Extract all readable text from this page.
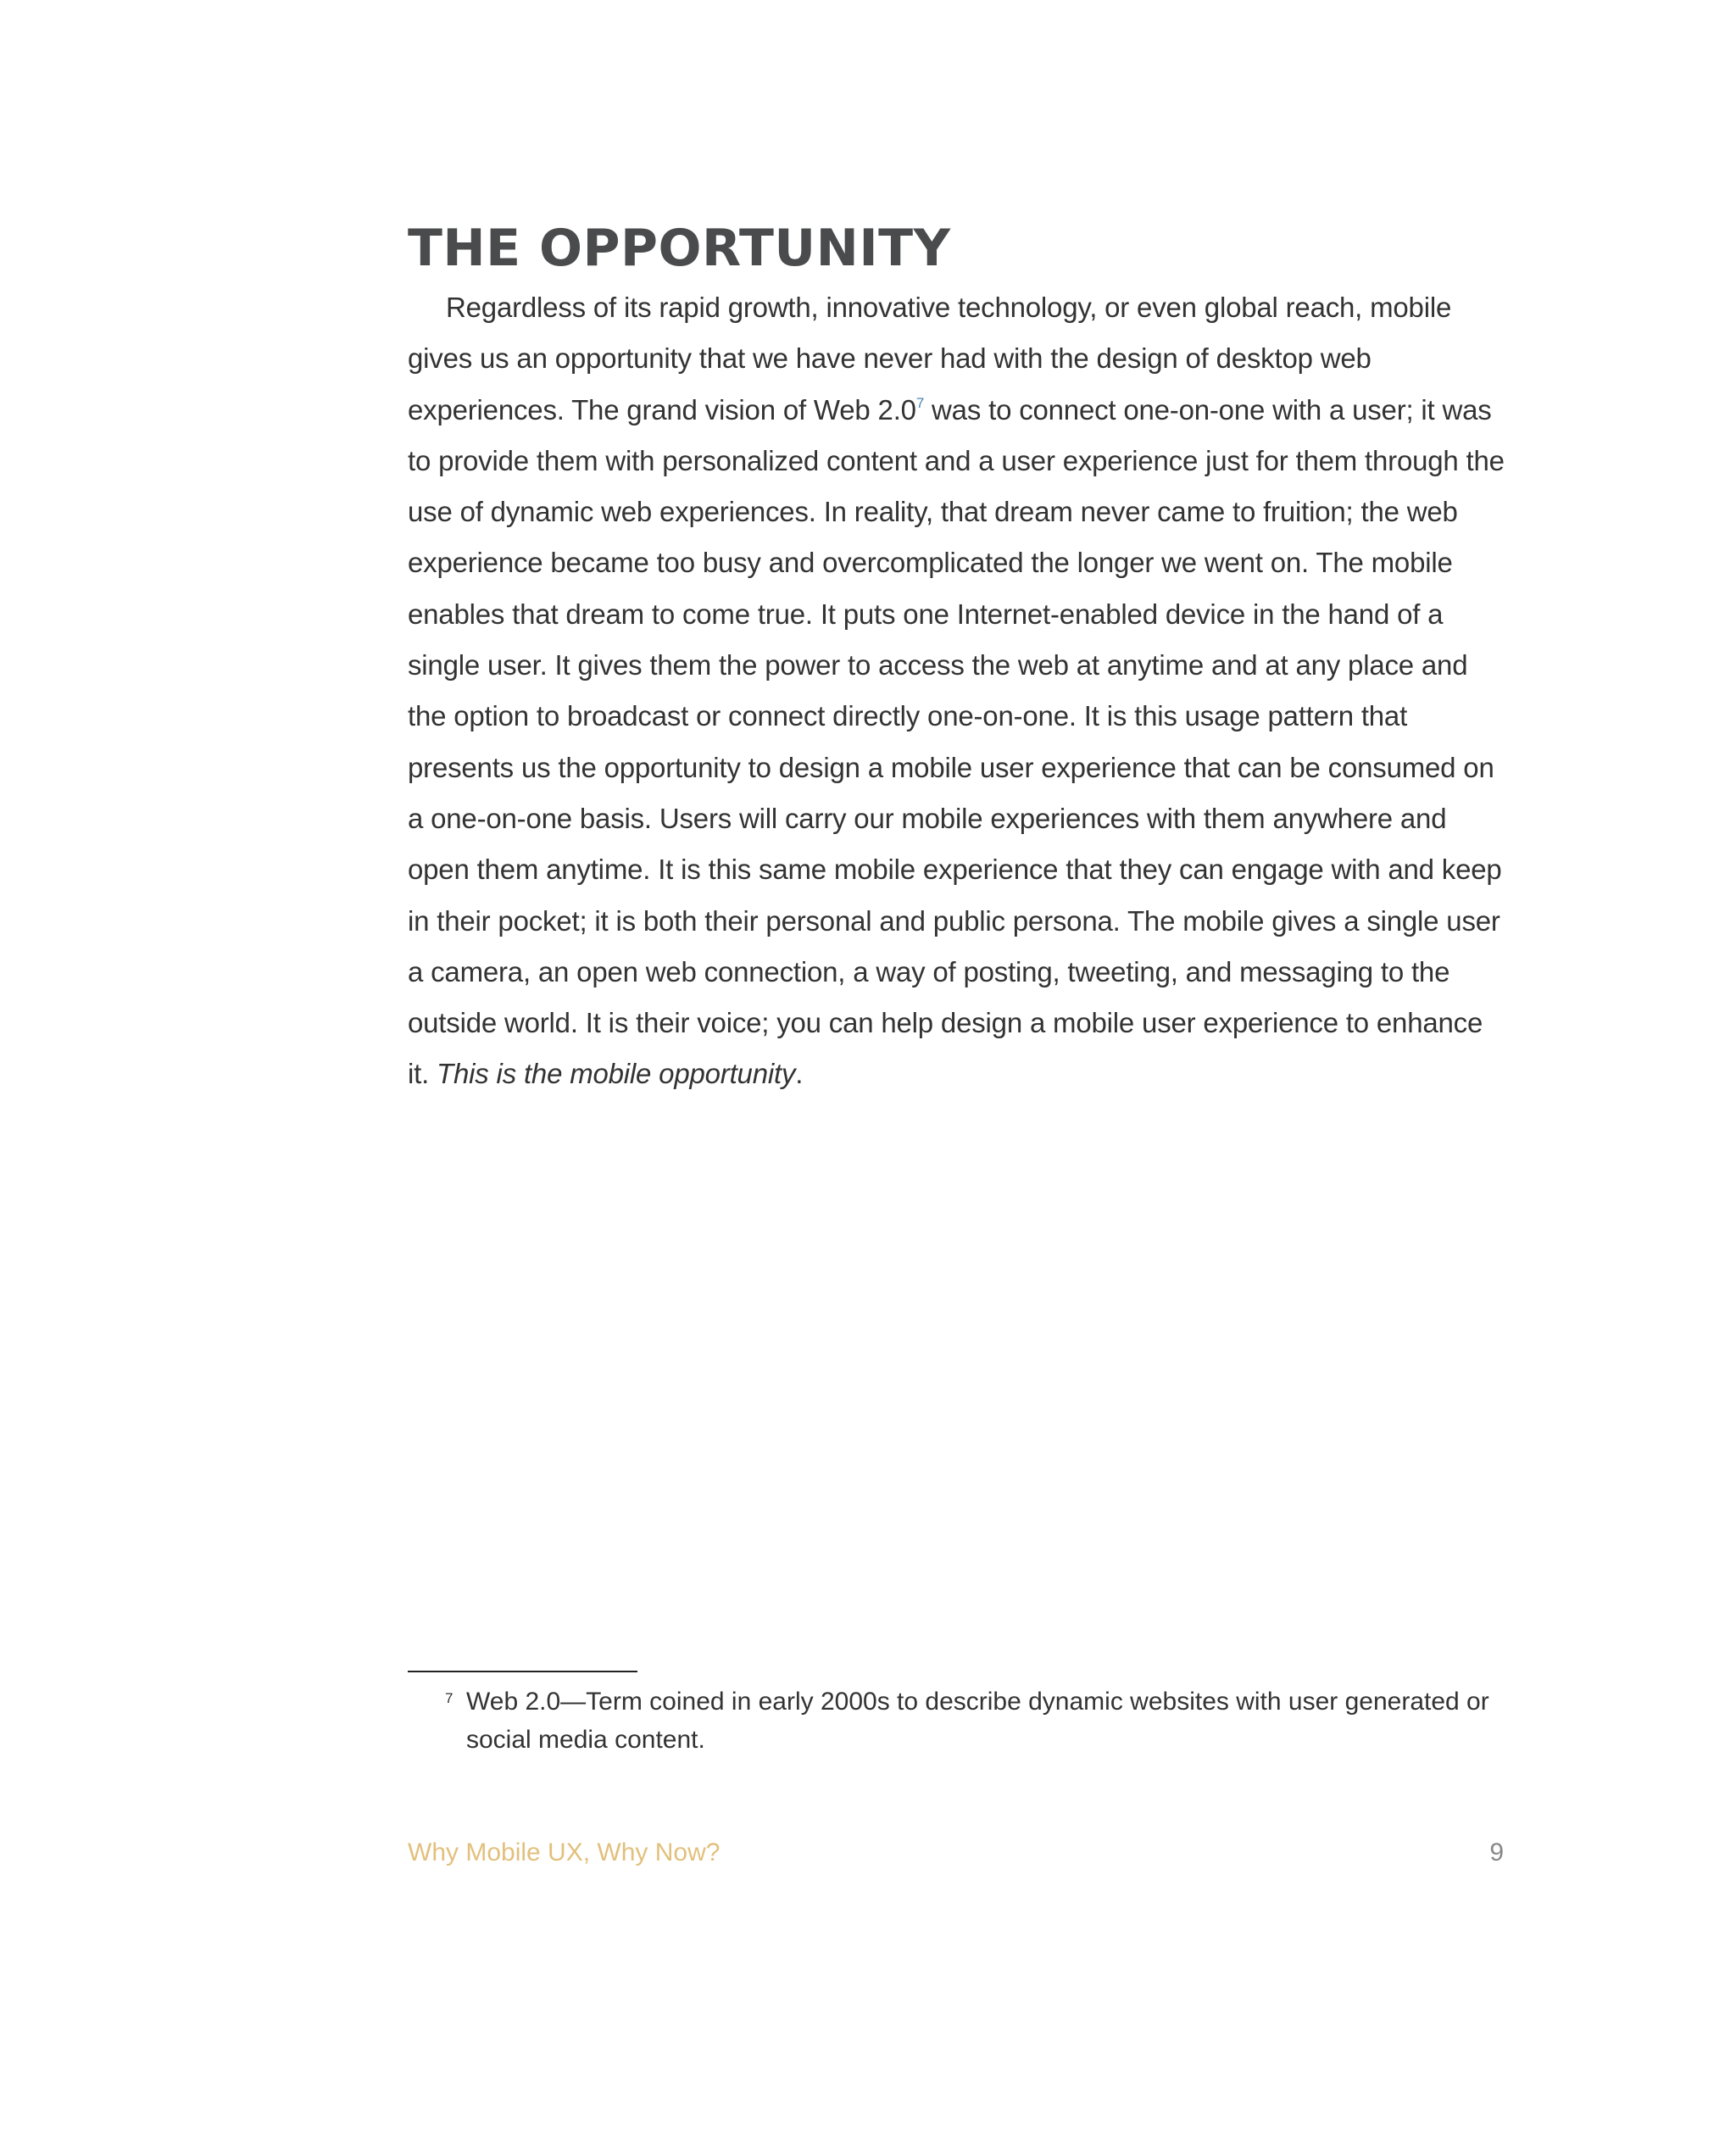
THE OPPORTUNITY

Regardless of its rapid growth, innovative technology, or even global reach, mobile gives us an opportunity that we have never had with the design of desktop web experiences. The grand vision of Web $2.0^7$ was to connect one-on-one with a user; it was to provide them with personalized content and a user experience just for them through the use of dynamic web experiences. In reality, that dream never came to fruition; the web experience became too busy and overcomplicated the longer we went on. The mobile enables that dream to come true. It puts one Internet-enabled device in the hand of a single user. It gives them the power to access the web at anytime and at any place and the option to broadcast or connect directly one-on-one. It is this usage pattern that presents us the opportunity to design a mobile user experience that can be consumed on a one-on-one basis. Users will carry our mobile experiences with them anywhere and open them anytime. It is this same mobile experience that they can engage with and keep in their pocket; it is both their personal and public persona. The mobile gives a single user a camera, an open web connection, a way of posting, tweeting, and messaging to the outside world. It is their voice; you can help design a mobile user experience to enhance it. This is the mobile opportunity.

7 Web 2.0—Term coined in early 2000s to describe dynamic websites with user generated or social media content.
Why Mobile UX, Why Now?	9
